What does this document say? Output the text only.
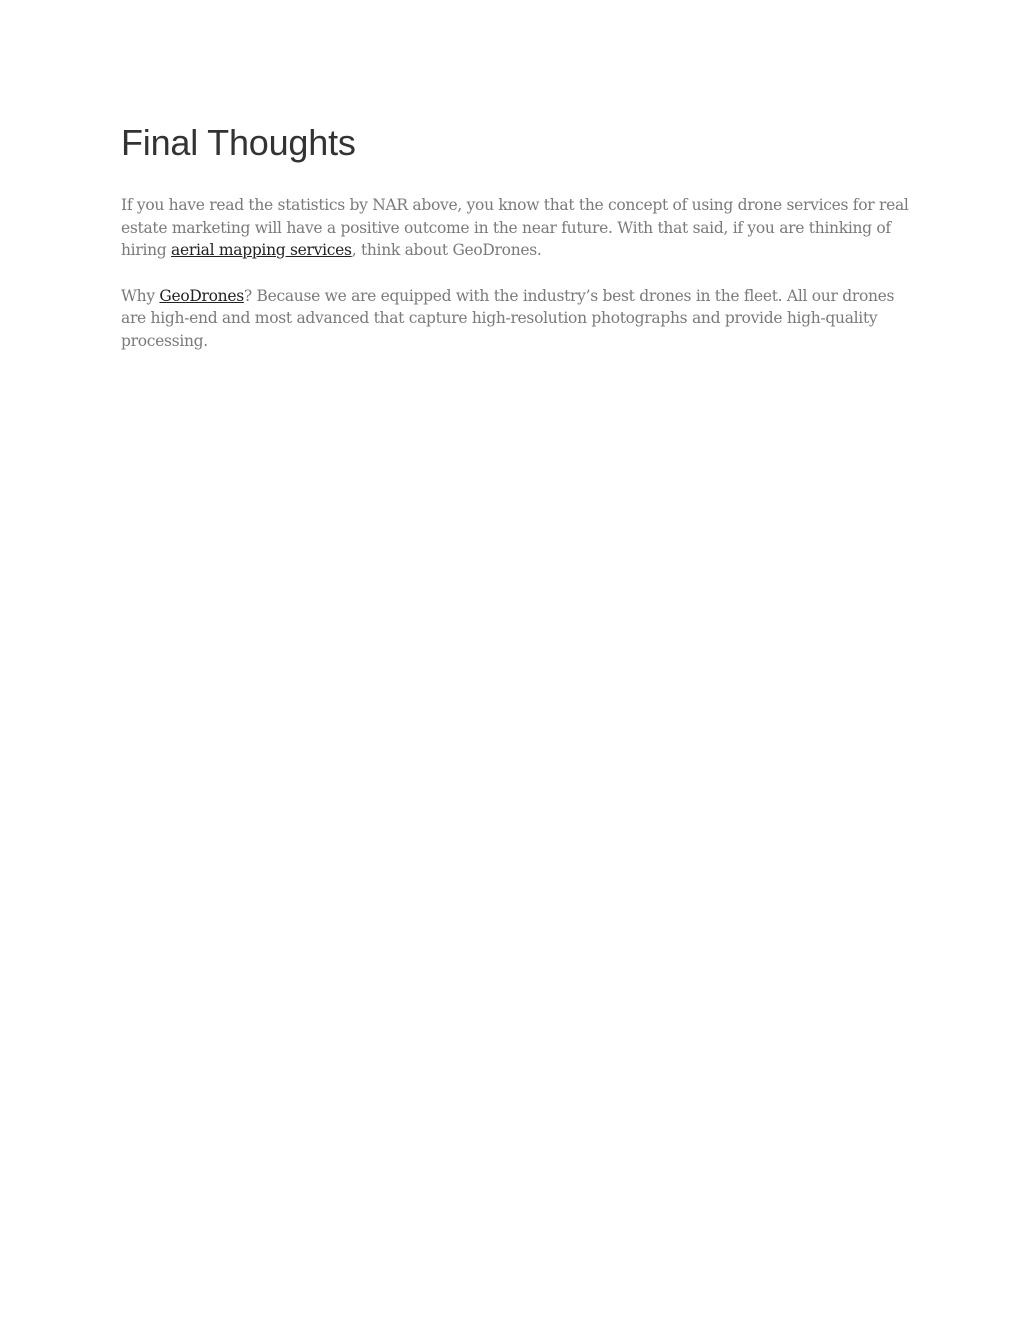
Final Thoughts

If you have read the statistics by NAR above, you know that the concept of using drone services for real estate marketing will have a positive outcome in the near future. With that said, if you are thinking of hiring aerial mapping services, think about GeoDrones.

Why GeoDrones? Because we are equipped with the industry’s best drones in the fleet. All our drones are high-end and most advanced that capture high-resolution photographs and provide high-quality processing.
